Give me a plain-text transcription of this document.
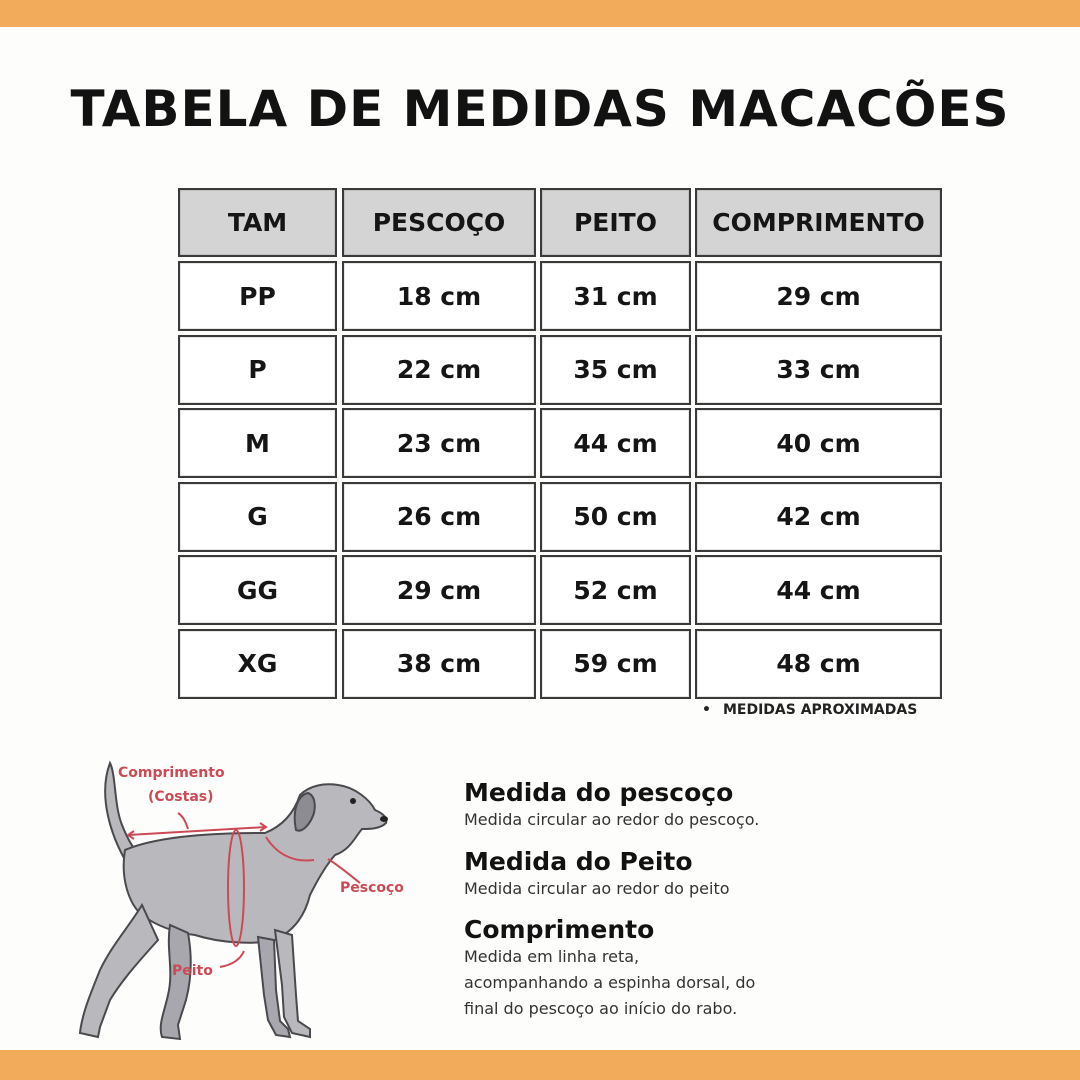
TABELA DE MEDIDAS MACACÕES
TAM	PESCOÇO	PEITO	COMPRIMENTO
PP	18 cm	31 cm	29 cm
P	22 cm	35 cm	33 cm
M	23 cm	44 cm	40 cm
G	26 cm	50 cm	42 cm
GG	29 cm	52 cm	44 cm
XG	38 cm	59 cm	48 cm
• MEDIDAS APROXIMADAS
Comprimento
(Costas)
Pescoço
Peito
Medida do pescoço

Medida circular ao redor do pescoço.

Medida do Peito

Medida circular ao redor do peito

Comprimento

Medida em linha reta,

acompanhando a espinha dorsal, do

final do pescoço ao início do rabo.
